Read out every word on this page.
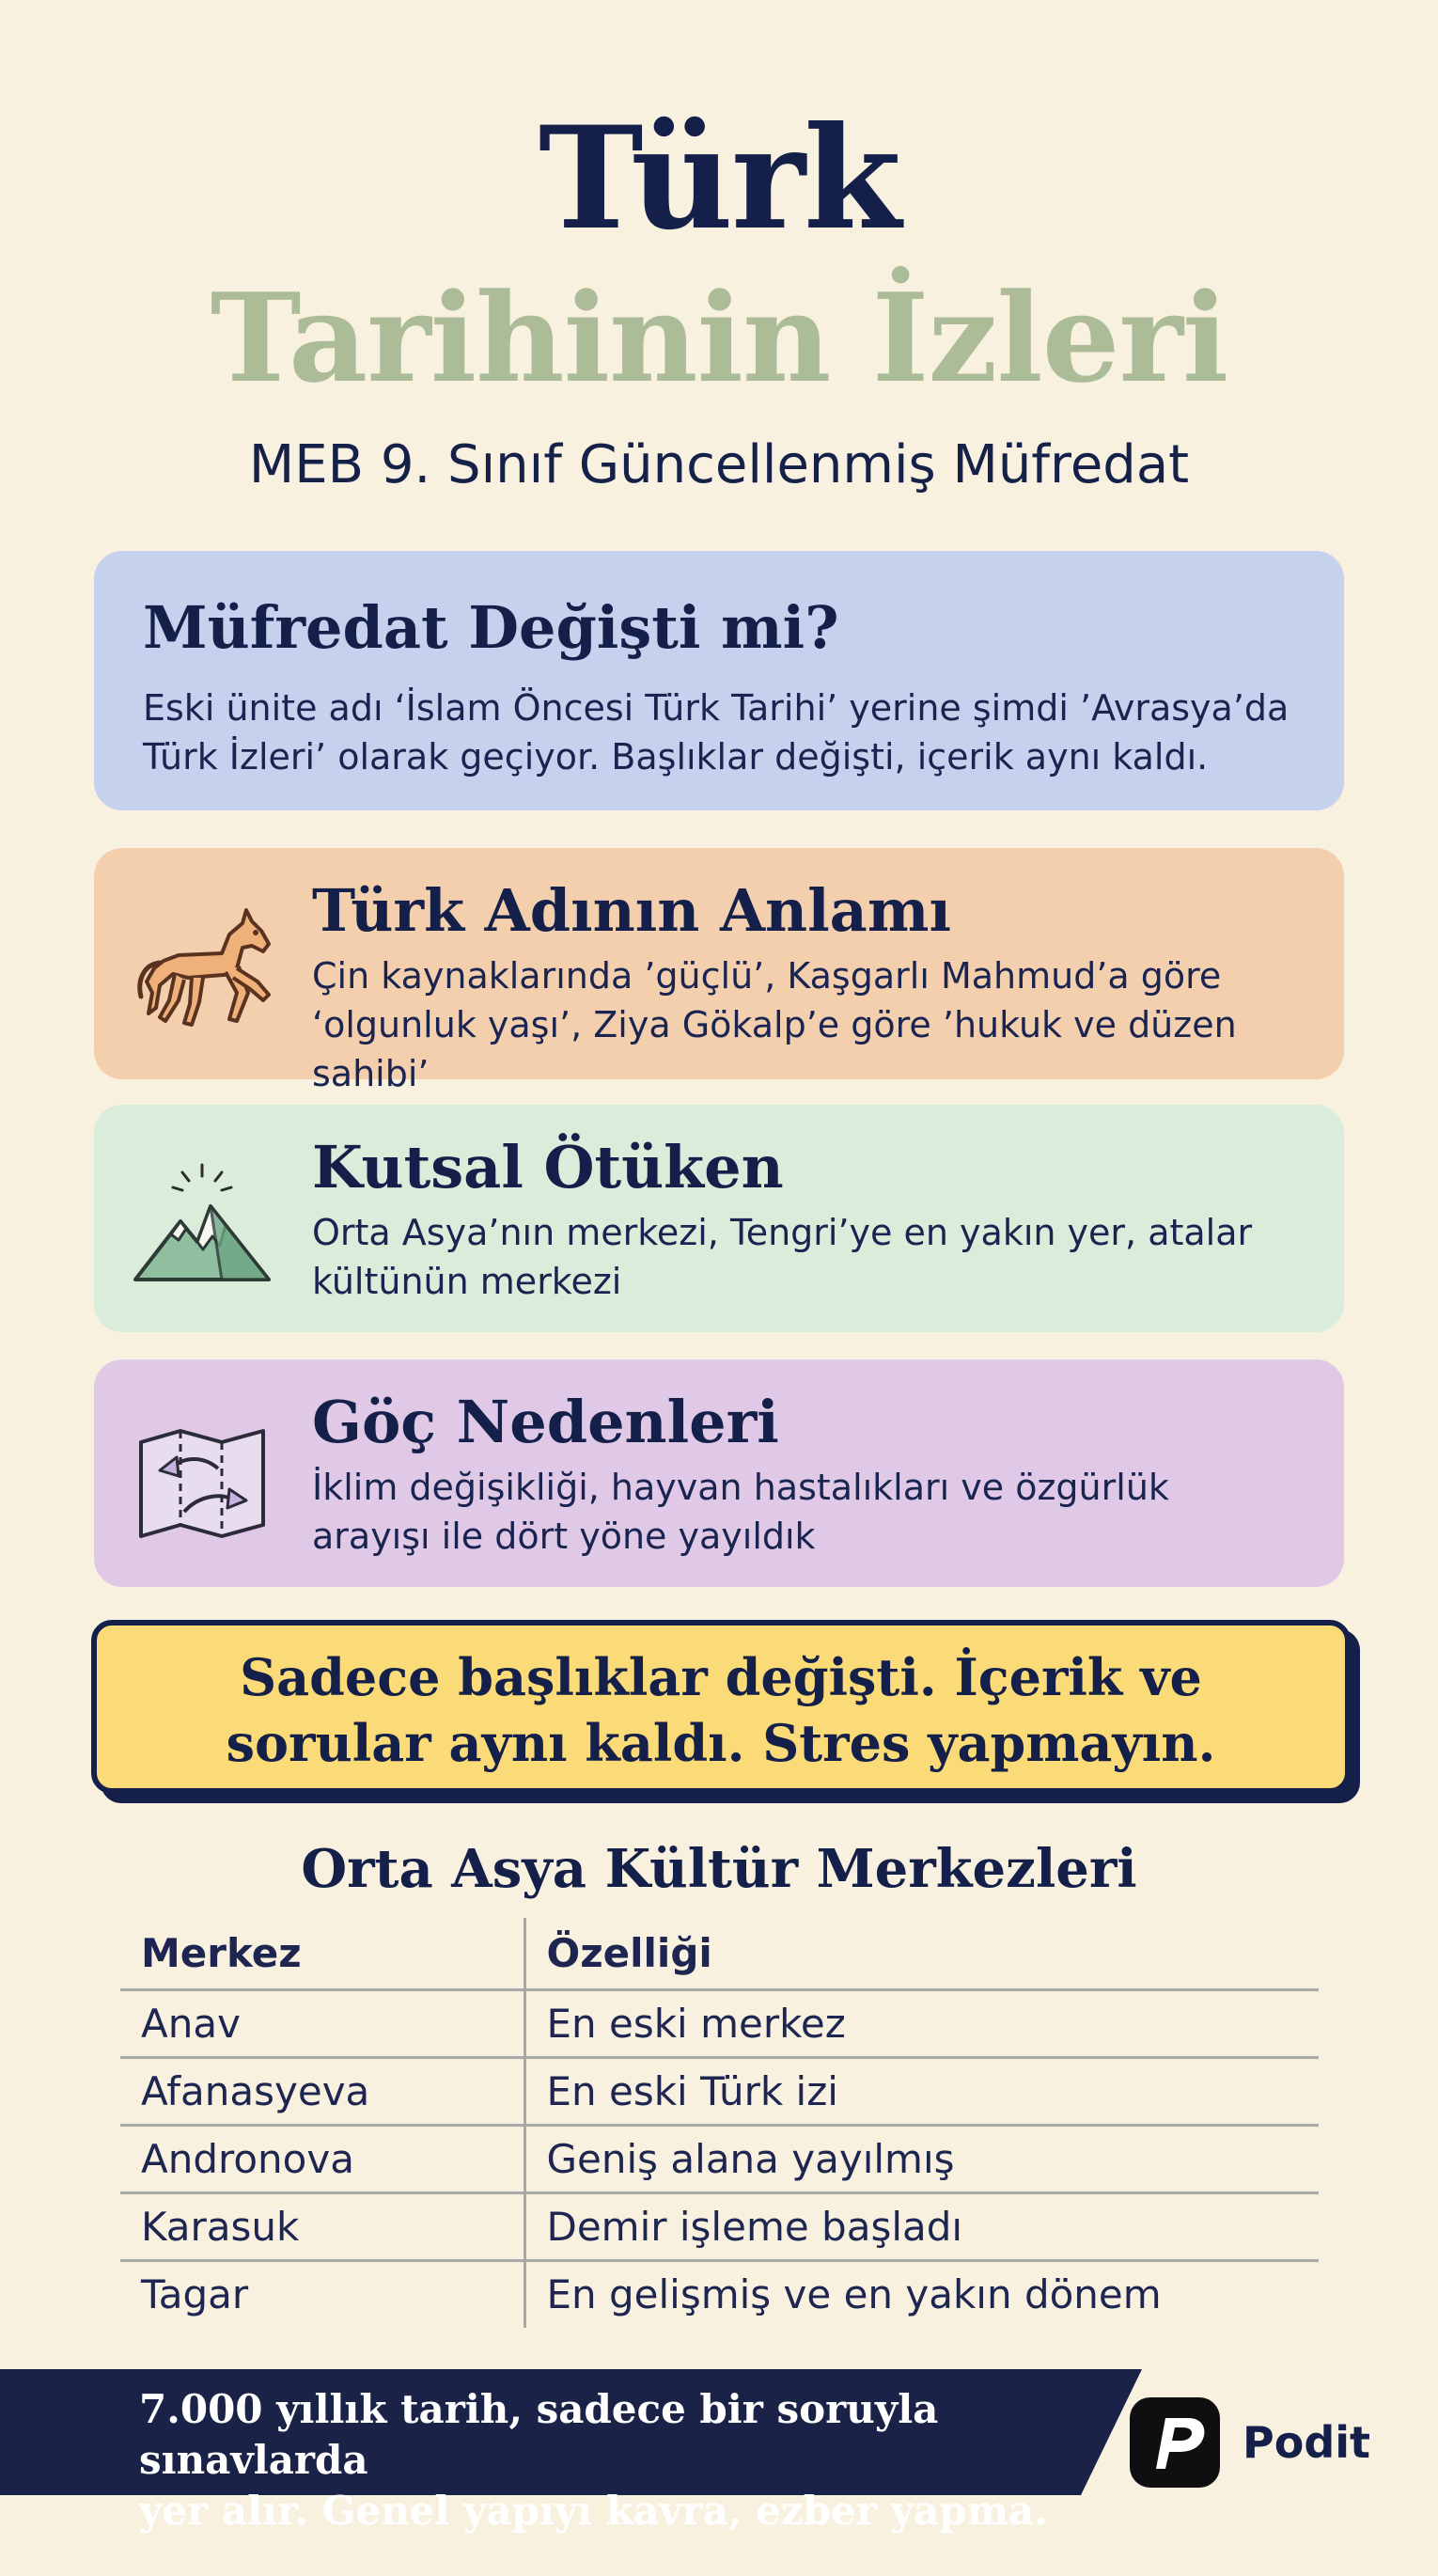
Türk
Tarihinin İzleri
MEB 9. Sınıf Güncellenmiş Müfredat
Müfredat Değişti mi?
Eski ünite adı ‘İslam Öncesi Türk Tarihi’ yerine şimdi ’Avrasya’da
Türk İzleri’ olarak geçiyor. Başlıklar değişti, içerik aynı kaldı.
Türk Adının Anlamı
Çin kaynaklarında ’güçlü’, Kaşgarlı Mahmud’a göre
‘olgunluk yaşı’, Ziya Gökalp’e göre ’hukuk ve düzen sahibi’
Kutsal Ötüken
Orta Asya’nın merkezi, Tengri’ye en yakın yer, atalar
kültünün merkezi
Göç Nedenleri
İklim değişikliği, hayvan hastalıkları ve özgürlük
arayışı ile dört yöne yayıldık
Sadece başlıklar değişti. İçerik ve
sorular aynı kaldı. Stres yapmayın.
Orta Asya Kültür Merkezleri
Merkez	Özelliği
Anav	En eski merkez
Afanasyeva	En eski Türk izi
Andronova	Geniş alana yayılmış
Karasuk	Demir işleme başladı
Tagar	En gelişmiş ve en yakın dönem
7.000 yıllık tarih, sadece bir soruyla sınavlarda
yer alır. Genel yapıyı kavra, ezber yapma.
Podit
